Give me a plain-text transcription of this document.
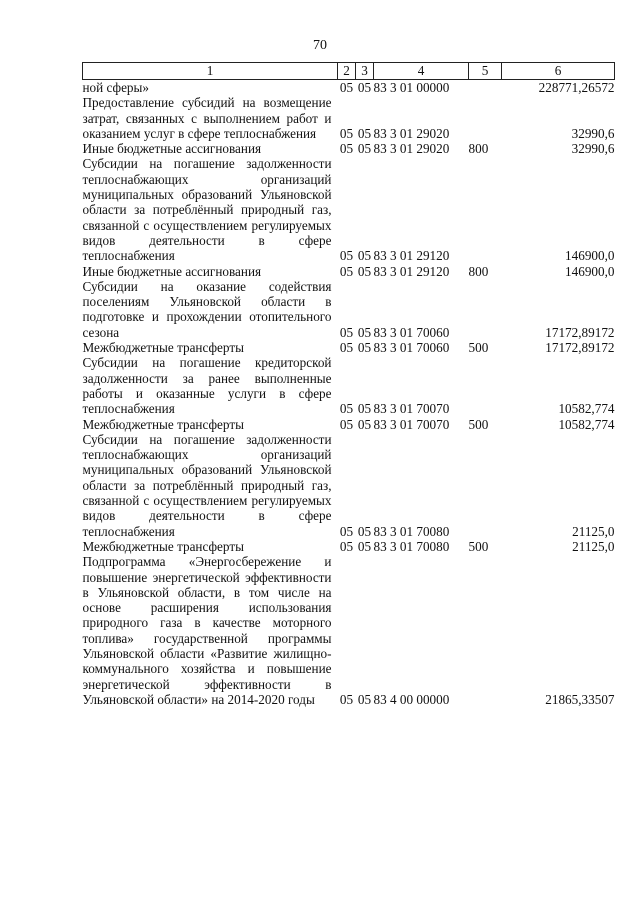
70
1	2	3	4	5	6
ной сферы»	05	05	83 3 01 00000		228771,26572
Предоставление субсидий на возмещение затрат, связанных с выполнением работ и оказанием услуг в сфере теплоснабжения	05	05	83 3 01 29020		32990,6
Иные бюджетные ассигнования	05	05	83 3 01 29020	800	32990,6
Субсидии на погашение задолженности теплоснабжающих организаций муниципальных образований Ульяновской области за потреблённый природный газ, связанной с осуществлением регулируемых видов деятельности в сфере теплоснабжения	05	05	83 3 01 29120		146900,0
Иные бюджетные ассигнования	05	05	83 3 01 29120	800	146900,0
Субсидии на оказание содействия поселениям Ульяновской области в подготовке и прохождении отопительного сезона	05	05	83 3 01 70060		17172,89172
Межбюджетные трансферты	05	05	83 3 01 70060	500	17172,89172
Субсидии на погашение кредиторской задолженности за ранее выполненные работы и оказанные услуги в сфере теплоснабжения	05	05	83 3 01 70070		10582,774
Межбюджетные трансферты	05	05	83 3 01 70070	500	10582,774
Субсидии на погашение задолженности теплоснабжающих организаций муниципальных образований Ульяновской области за потреблённый природный газ, связанной с осуществлением регулируемых видов деятельности в сфере теплоснабжения	05	05	83 3 01 70080		21125,0
Межбюджетные трансферты	05	05	83 3 01 70080	500	21125,0
Подпрограмма «Энергосбережение и повышение энергетической эффективности в Ульяновской области, в том числе на основе расширения использования природного газа в качестве моторного топлива» государственной программы Ульяновской области «Развитие жилищно-коммунального хозяйства и повышение энергетической эффективности в Ульяновской области» на 2014-2020 годы	05	05	83 4 00 00000		21865,33507
